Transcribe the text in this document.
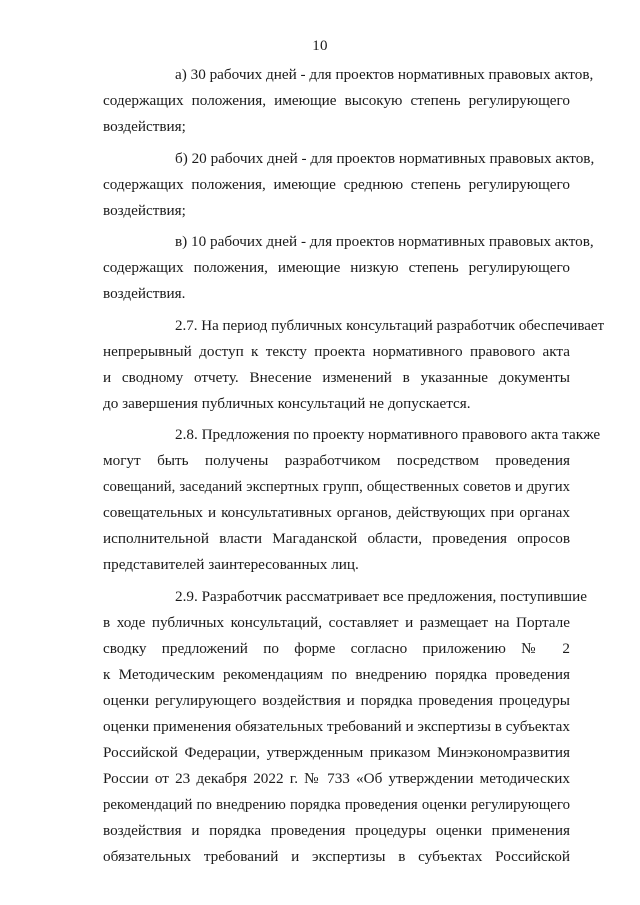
10

а) 30 рабочих дней - для проектов нормативных правовых актов,
содержащих положения, имеющие высокую степень регулирующего
воздействия;

б) 20 рабочих дней - для проектов нормативных правовых актов,
содержащих положения, имеющие среднюю степень регулирующего
воздействия;

в) 10 рабочих дней - для проектов нормативных правовых актов,
содержащих положения, имеющие низкую степень регулирующего
воздействия.

2.7. На период публичных консультаций разработчик обеспечивает
непрерывный доступ к тексту проекта нормативного правового акта
и сводному отчету. Внесение изменений в указанные документы
до завершения публичных консультаций не допускается.

2.8. Предложения по проекту нормативного правового акта также
могут быть получены разработчиком посредством проведения
совещаний, заседаний экспертных групп, общественных советов и других
совещательных и консультативных органов, действующих при органах
исполнительной власти Магаданской области, проведения опросов
представителей заинтересованных лиц.

2.9. Разработчик рассматривает все предложения, поступившие
в ходе публичных консультаций, составляет и размещает на Портале
сводку предложений по форме согласно приложению № 2
к Методическим рекомендациям по внедрению порядка проведения
оценки регулирующего воздействия и порядка проведения процедуры
оценки применения обязательных требований и экспертизы в субъектах
Российской Федерации, утвержденным приказом Минэкономразвития
России от 23 декабря 2022 г. № 733 «Об утверждении методических
рекомендаций по внедрению порядка проведения оценки регулирующего
воздействия и порядка проведения процедуры оценки применения
обязательных требований и экспертизы в субъектах Российской
